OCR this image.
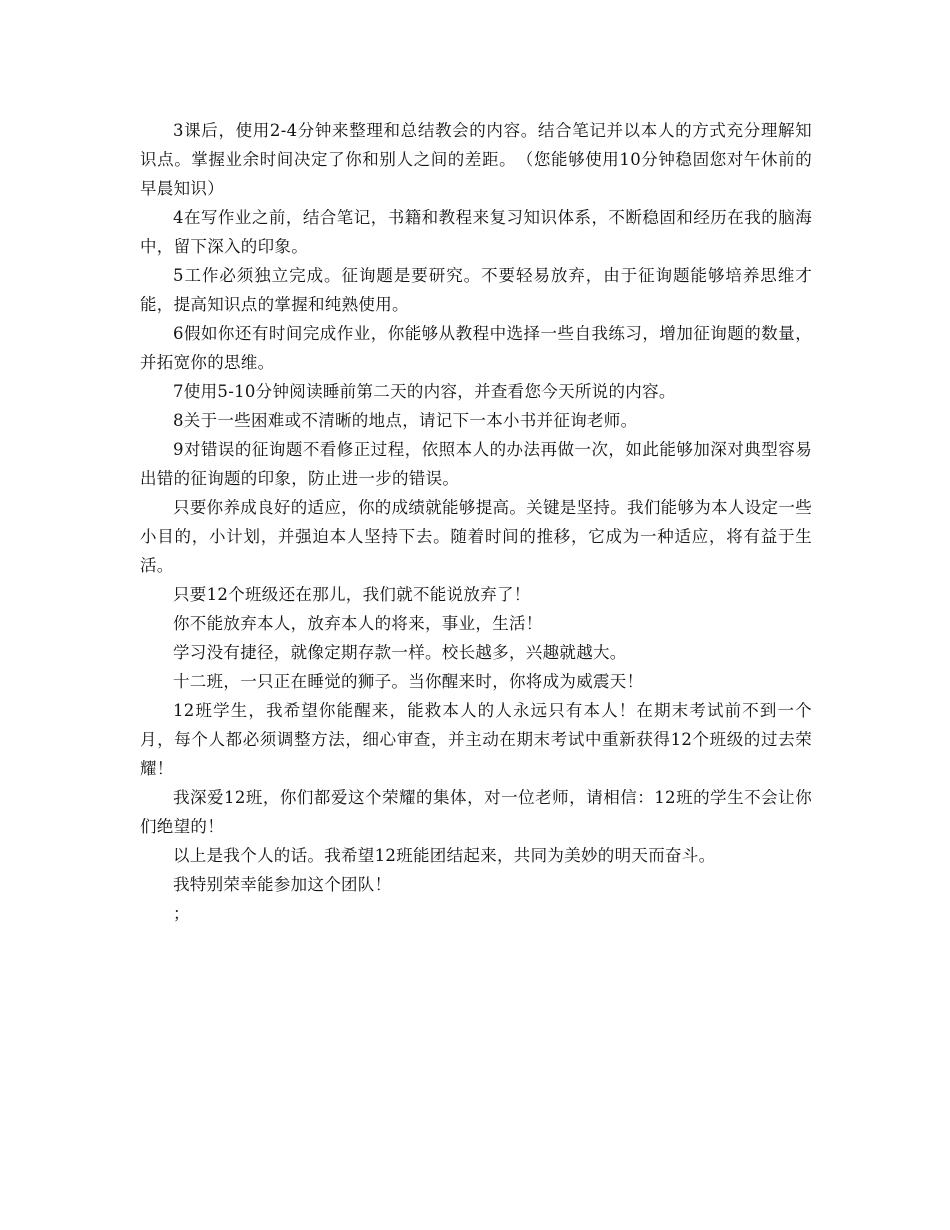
3课后，使用2-4分钟来整理和总结教会的内容。结合笔记并以本人的方式充分理解知识点。掌握业余时间决定了你和别人之间的差距。　（您能够使用10分钟稳固您对午休前的早晨知识）

4在写作业之前，结合笔记，书籍和教程来复习知识体系，不断稳固和经历在我的脑海中，留下深入的印象。

5工作必须独立完成。征询题是要研究。不要轻易放弃，由于征询题能够培养思维才能，提高知识点的掌握和纯熟使用。

6假如你还有时间完成作业，你能够从教程中选择一些自我练习，增加征询题的数量，并拓宽你的思维。

7使用5-10分钟阅读睡前第二天的内容，并查看您今天所说的内容。

8关于一些困难或不清晰的地点，请记下一本小书并征询老师。

9对错误的征询题不看修正过程，依照本人的办法再做一次，如此能够加深对典型容易出错的征询题的印象，防止进一步的错误。

只要你养成良好的适应，你的成绩就能够提高。关键是坚持。我们能够为本人设定一些小目的，小计划，并强迫本人坚持下去。随着时间的推移，它成为一种适应，将有益于生活。

只要12个班级还在那儿，我们就不能说放弃了！

你不能放弃本人，放弃本人的将来，事业，生活！

学习没有捷径，就像定期存款一样。校长越多，兴趣就越大。

十二班，一只正在睡觉的狮子。当你醒来时，你将成为威震天！

12班学生，我希望你能醒来，能救本人的人永远只有本人！在期末考试前不到一个月，每个人都必须调整方法，细心审查，并主动在期末考试中重新获得12个班级的过去荣耀！

我深爱12班，你们都爱这个荣耀的集体，对一位老师，请相信：12班的学生不会让你们绝望的！

以上是我个人的话。我希望12班能团结起来，共同为美妙的明天而奋斗。

我特别荣幸能参加这个团队！

；
